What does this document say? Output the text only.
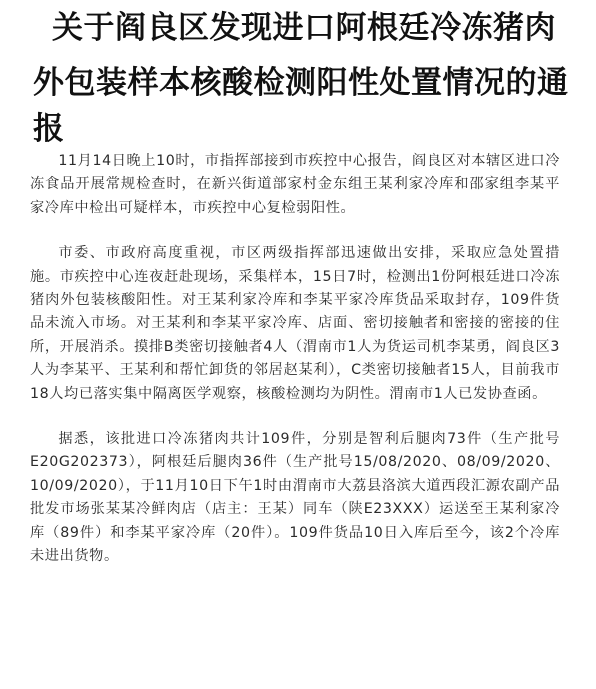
关于阎良区发现进口阿根廷冷冻猪肉
外包装样本核酸检测阳性处置情况的通报

11月14日晚上10时，市指挥部接到市疾控中心报告，阎良区对本辖区进口冷冻食品开展常规检查时，在新兴街道部家村金东组王某利家冷库和邵家组李某平家冷库中检出可疑样本，市疾控中心复检弱阳性。

市委、市政府高度重视，市区两级指挥部迅速做出安排，采取应急处置措施。市疾控中心连夜赶赴现场，采集样本，15日7时，检测出1份阿根廷进口冷冻猪肉外包装核酸阳性。对王某利家冷库和李某平家冷库货品采取封存，109件货品未流入市场。对王某利和李某平家冷库、店面、密切接触者和密接的密接的住所，开展消杀。摸排B类密切接触者4人（渭南市1人为货运司机李某勇，阎良区3人为李某平、王某利和帮忙卸货的邻居赵某利），C类密切接触者15人，目前我市18人均已落实集中隔离医学观察，核酸检测均为阴性。渭南市1人已发协查函。

据悉，该批进口冷冻猪肉共计109件，分别是智利后腿肉73件（生产批号E20G202373），阿根廷后腿肉36件（生产批号15/08/2020、08/09/2020、10/09/2020），于11月10日下午1时由渭南市大荔县洛滨大道西段汇源农副产品批发市场张某某冷鲜肉店（店主：王某）同车（陕E23XXX）运送至王某利家冷库（89件）和李某平家冷库（20件）。109件货品10日入库后至今，该2个冷库未进出货物。
